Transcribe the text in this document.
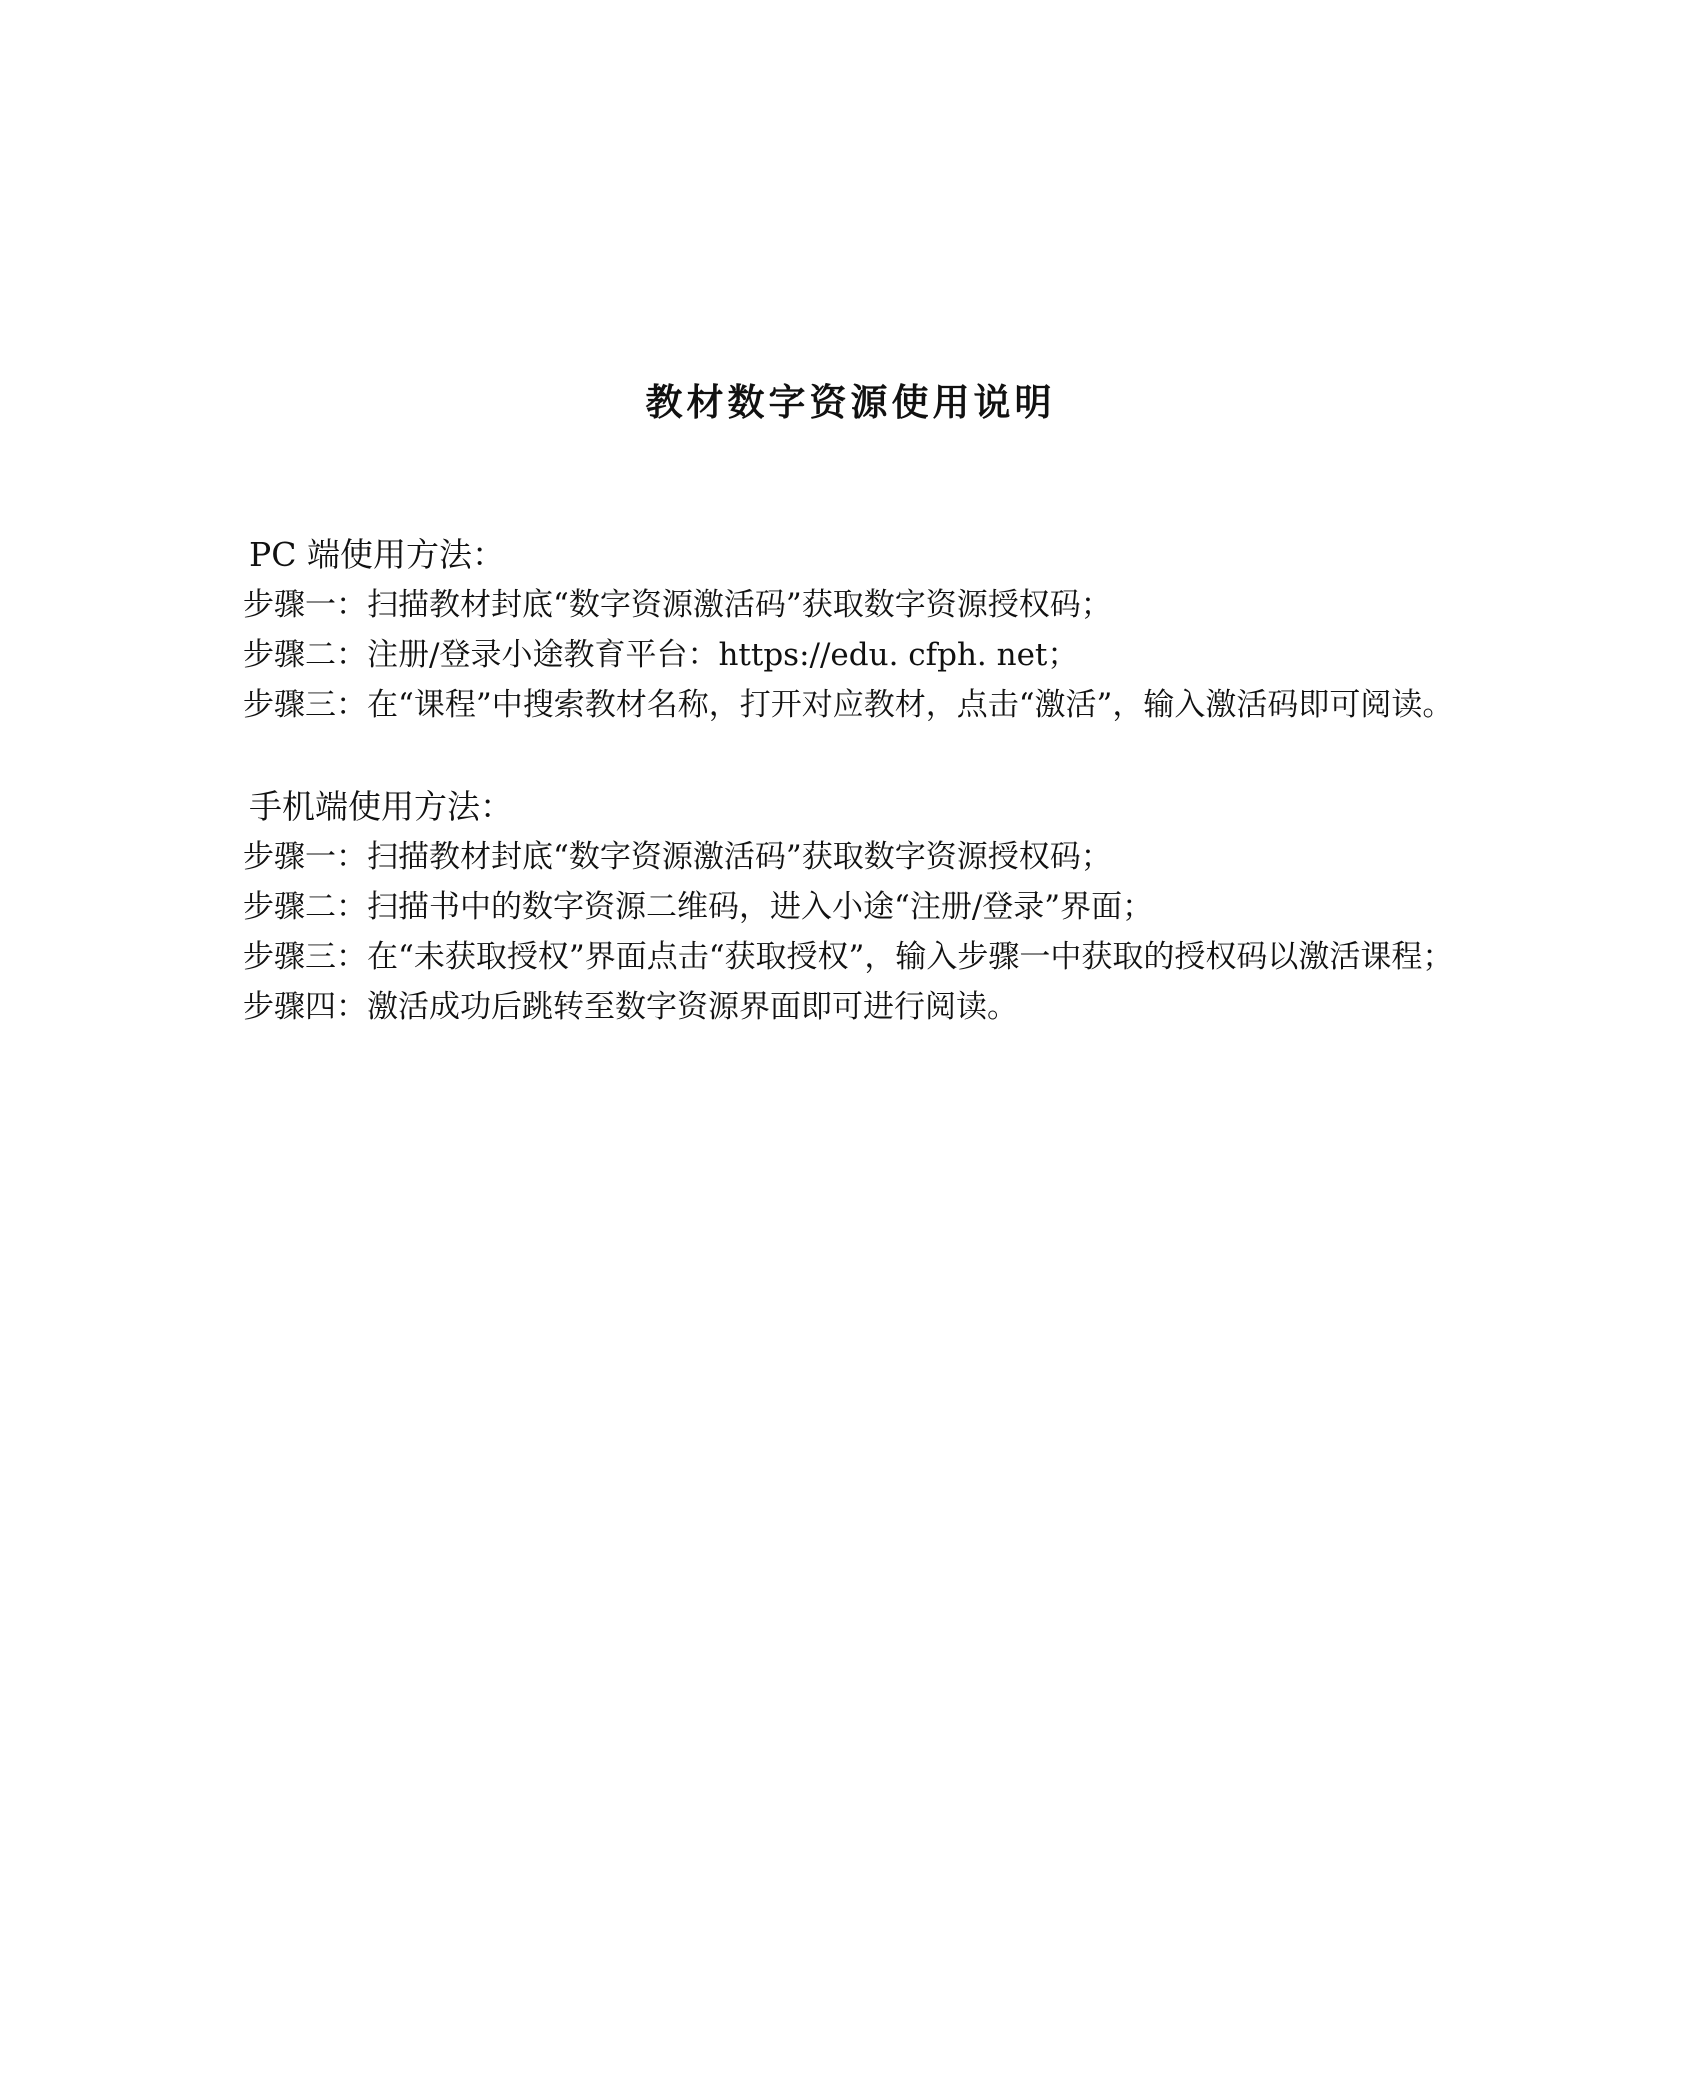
教材数字资源使用说明

PC 端使用方法：

步骤一：扫描教材封底“数字资源激活码”获取数字资源授权码；

步骤二：注册/登录小途教育平台：https://edu. cfph. net；

步骤三：在“课程”中搜索教材名称，打开对应教材，点击“激活”，输入激活码即可阅读。

手机端使用方法：

步骤一：扫描教材封底“数字资源激活码”获取数字资源授权码；

步骤二：扫描书中的数字资源二维码，进入小途“注册/登录”界面；

步骤三：在“未获取授权”界面点击“获取授权”，输入步骤一中获取的授权码以激活课程；

步骤四：激活成功后跳转至数字资源界面即可进行阅读。
